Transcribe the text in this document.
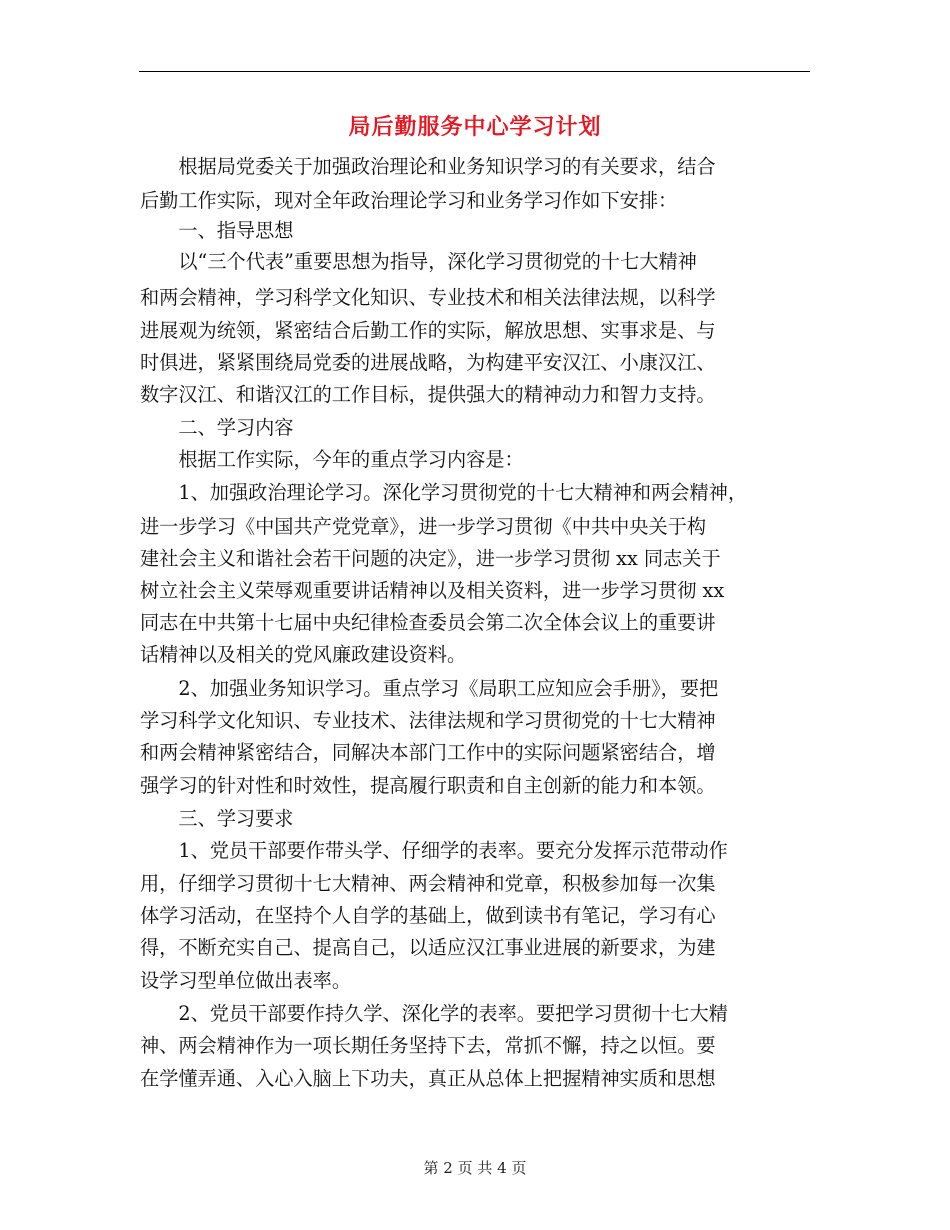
局后勤服务中心学习计划
　　根据局党委关于加强政治理论和业务知识学习的有关要求，结合
后勤工作实际，现对全年政治理论学习和业务学习作如下安排：
　　一、指导思想
　　以“三个代表”重要思想为指导，深化学习贯彻党的十七大精神
和两会精神，学习科学文化知识、专业技术和相关法律法规，以科学
进展观为统领，紧密结合后勤工作的实际，解放思想、实事求是、与
时俱进，紧紧围绕局党委的进展战略，为构建平安汉江、小康汉江、
数字汉江、和谐汉江的工作目标，提供强大的精神动力和智力支持。
　　二、学习内容
　　根据工作实际，今年的重点学习内容是：
　　1、加强政治理论学习。深化学习贯彻党的十七大精神和两会精神，
进一步学习《中国共产党党章》，进一步学习贯彻《中共中央关于构
建社会主义和谐社会若干问题的决定》，进一步学习贯彻 xx 同志关于
树立社会主义荣辱观重要讲话精神以及相关资料，进一步学习贯彻 xx
同志在中共第十七届中央纪律检查委员会第二次全体会议上的重要讲
话精神以及相关的党风廉政建设资料。
　　2、加强业务知识学习。重点学习《局职工应知应会手册》，要把
学习科学文化知识、专业技术、法律法规和学习贯彻党的十七大精神
和两会精神紧密结合，同解决本部门工作中的实际问题紧密结合，增
强学习的针对性和时效性，提高履行职责和自主创新的能力和本领。
　　三、学习要求
　　1、党员干部要作带头学、仔细学的表率。要充分发挥示范带动作
用，仔细学习贯彻十七大精神、两会精神和党章，积极参加每一次集
体学习活动，在坚持个人自学的基础上，做到读书有笔记，学习有心
得，不断充实自己、提高自己，以适应汉江事业进展的新要求，为建
设学习型单位做出表率。
　　2、党员干部要作持久学、深化学的表率。要把学习贯彻十七大精
神、两会精神作为一项长期任务坚持下去，常抓不懈，持之以恒。要
在学懂弄通、入心入脑上下功夫，真正从总体上把握精神实质和思想
第 2 页 共 4 页
